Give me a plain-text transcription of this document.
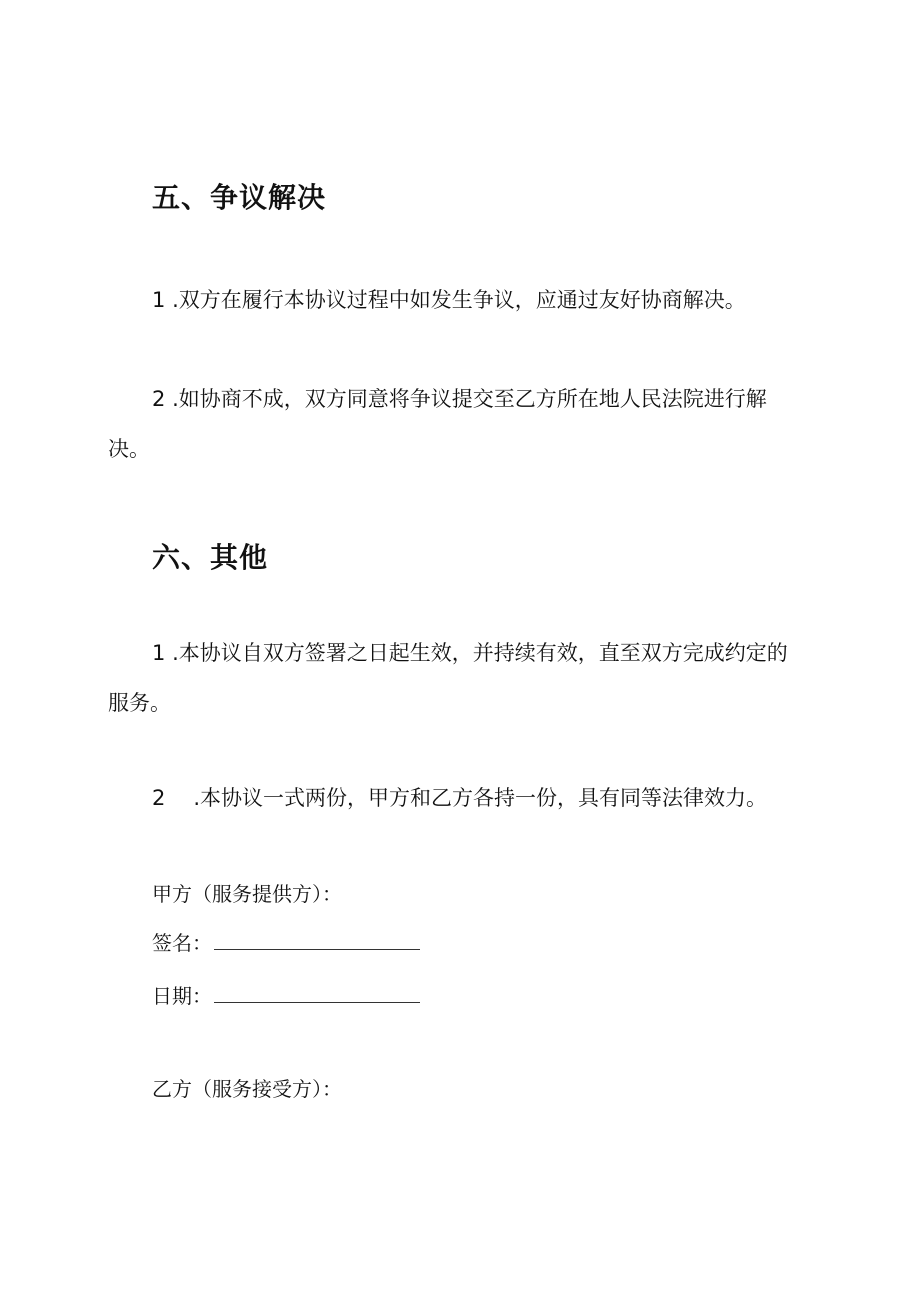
五、争议解决
1 .双方在履行本协议过程中如发生争议，应通过友好协商解决。
2 .如协商不成，双方同意将争议提交至乙方所在地人民法院进行解
决。
六、其他
1 .本协议自双方签署之日起生效，并持续有效，直至双方完成约定的
服务。
2 .本协议一式两份，甲方和乙方各持一份，具有同等法律效力。
甲方（服务提供方）：
签名：
日期：
乙方（服务接受方）：
